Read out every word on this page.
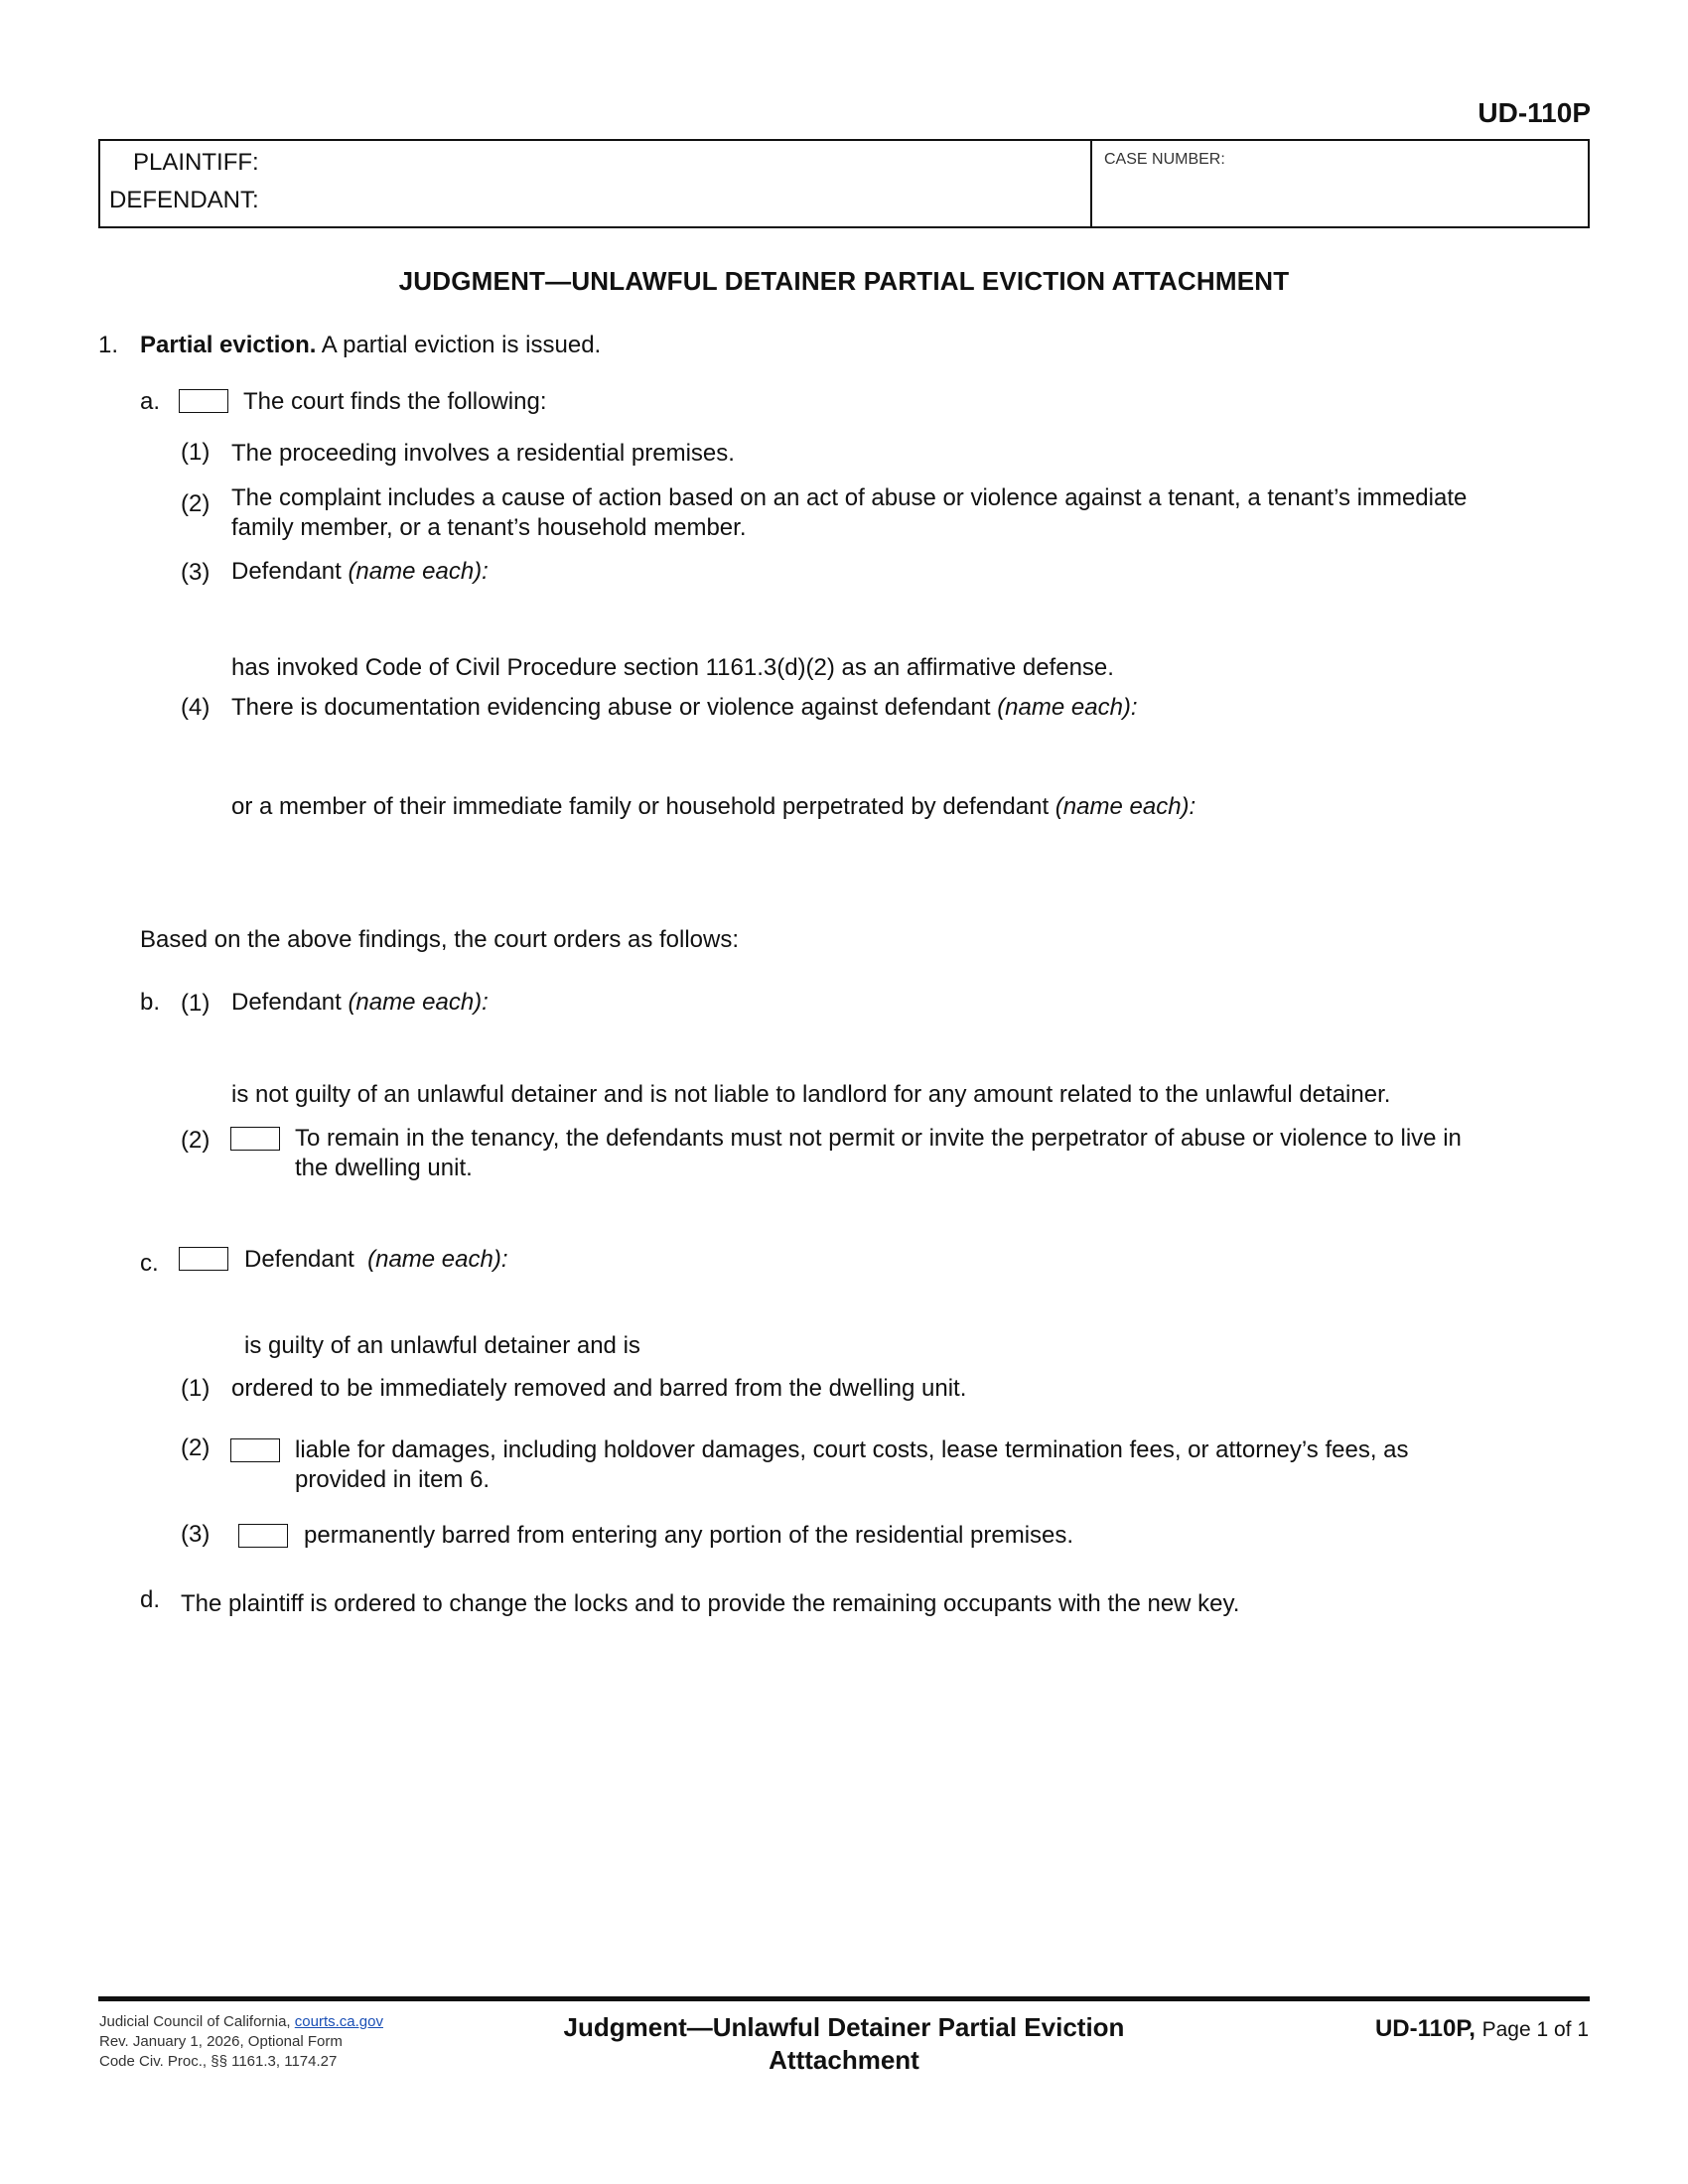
UD-110P
PLAINTIFF:
DEFENDANT:
CASE NUMBER:
JUDGMENT—UNLAWFUL DETAINER PARTIAL EVICTION ATTACHMENT
1. Partial eviction. A partial eviction is issued.
a.	The court finds the following:
(1) The proceeding involves a residential premises.
(2) The complaint includes a cause of action based on an act of abuse or violence against a tenant, a tenant’s immediate
family member, or a tenant’s household member.
(3) Defendant (name each):
has invoked Code of Civil Procedure section 1161.3(d)(2) as an affirmative defense.
(4) There is documentation evidencing abuse or violence against defendant (name each):
or a member of their immediate family or household perpetrated by defendant (name each):
Based on the above findings, the court orders as follows:
b. (1) Defendant (name each):
is not guilty of an unlawful detainer and is not liable to landlord for any amount related to the unlawful detainer.
(2)	To remain in the tenancy, the defendants must not permit or invite the perpetrator of abuse or violence to live in
the dwelling unit.
c.	Defendant (name each):
is guilty of an unlawful detainer and is
(1) ordered to be immediately removed and barred from the dwelling unit.
(2)	liable for damages, including holdover damages, court costs, lease termination fees, or attorney’s fees, as
provided in item 6.
(3)	permanently barred from entering any portion of the residential premises.
d. The plaintiff is ordered to change the locks and to provide the remaining occupants with the new key.
Judicial Council of California, courts.ca.gov
Rev. January 1, 2026, Optional Form
Code Civ. Proc., §§ 1161.3, 1174.27
Judgment—Unlawful Detainer Partial Eviction
Atttachment
UD-110P, Page 1 of 1
